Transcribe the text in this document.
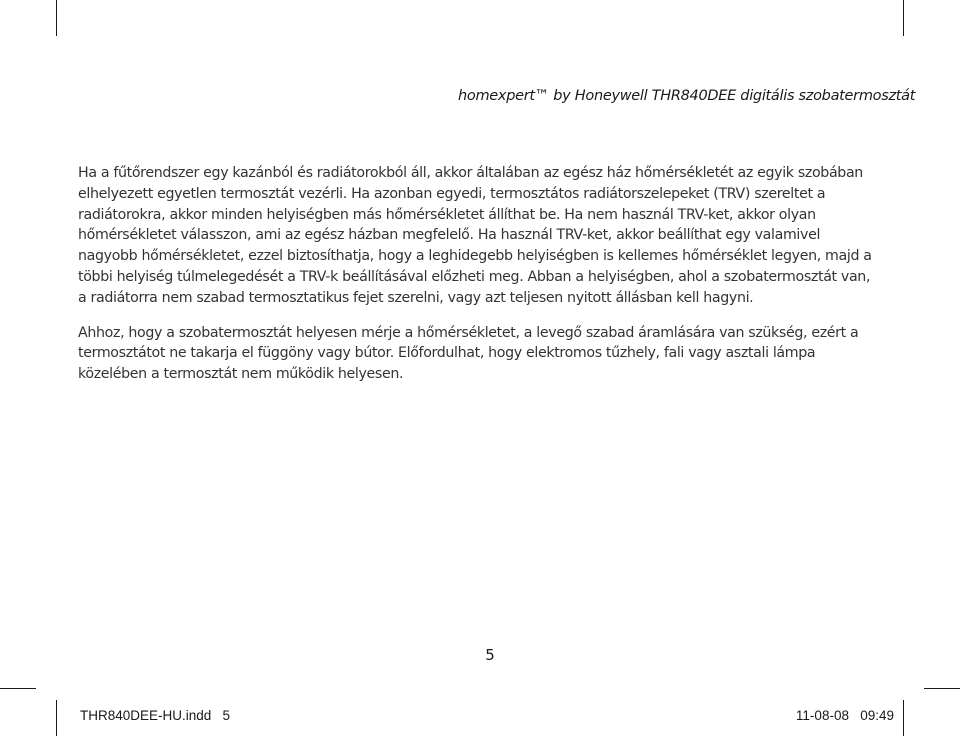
homexpert™ by Honeywell THR840DEE digitális szobatermosztát

Ha a fűtőrendszer egy kazánból és radiátorokból áll, akkor általában az egész ház hőmérsékletét az egyik szobában elhelyezett egyetlen termosztát vezérli. Ha azonban egyedi, termosztátos radiátorszelepeket (TRV) szereltet a radiátorokra, akkor minden helyiségben más hőmérsékletet állíthat be. Ha nem használ TRV-ket, akkor olyan hőmérsékletet válasszon, ami az egész házban megfelelő. Ha használ TRV-ket, akkor beállíthat egy valamivel nagyobb hőmérsékletet, ezzel biztosíthatja, hogy a leghidegebb helyiségben is kellemes hőmérséklet legyen, majd a többi helyiség túlmelegedését a TRV-k beállításával előzheti meg. Abban a helyiségben, ahol a szobatermosztát van, a radiátorra nem szabad termosztatikus fejet szerelni, vagy azt teljesen nyitott állásban kell hagyni.

Ahhoz, hogy a szobatermosztát helyesen mérje a hőmérsékletet, a levegő szabad áramlására van szükség, ezért a termosztátot ne takarja el függöny vagy bútor. Előfordulhat, hogy elektromos tűzhely, fali vagy asztali lámpa közelében a termosztát nem működik helyesen.

5
THR840DEE-HU.indd   5	11-08-08   09:49
